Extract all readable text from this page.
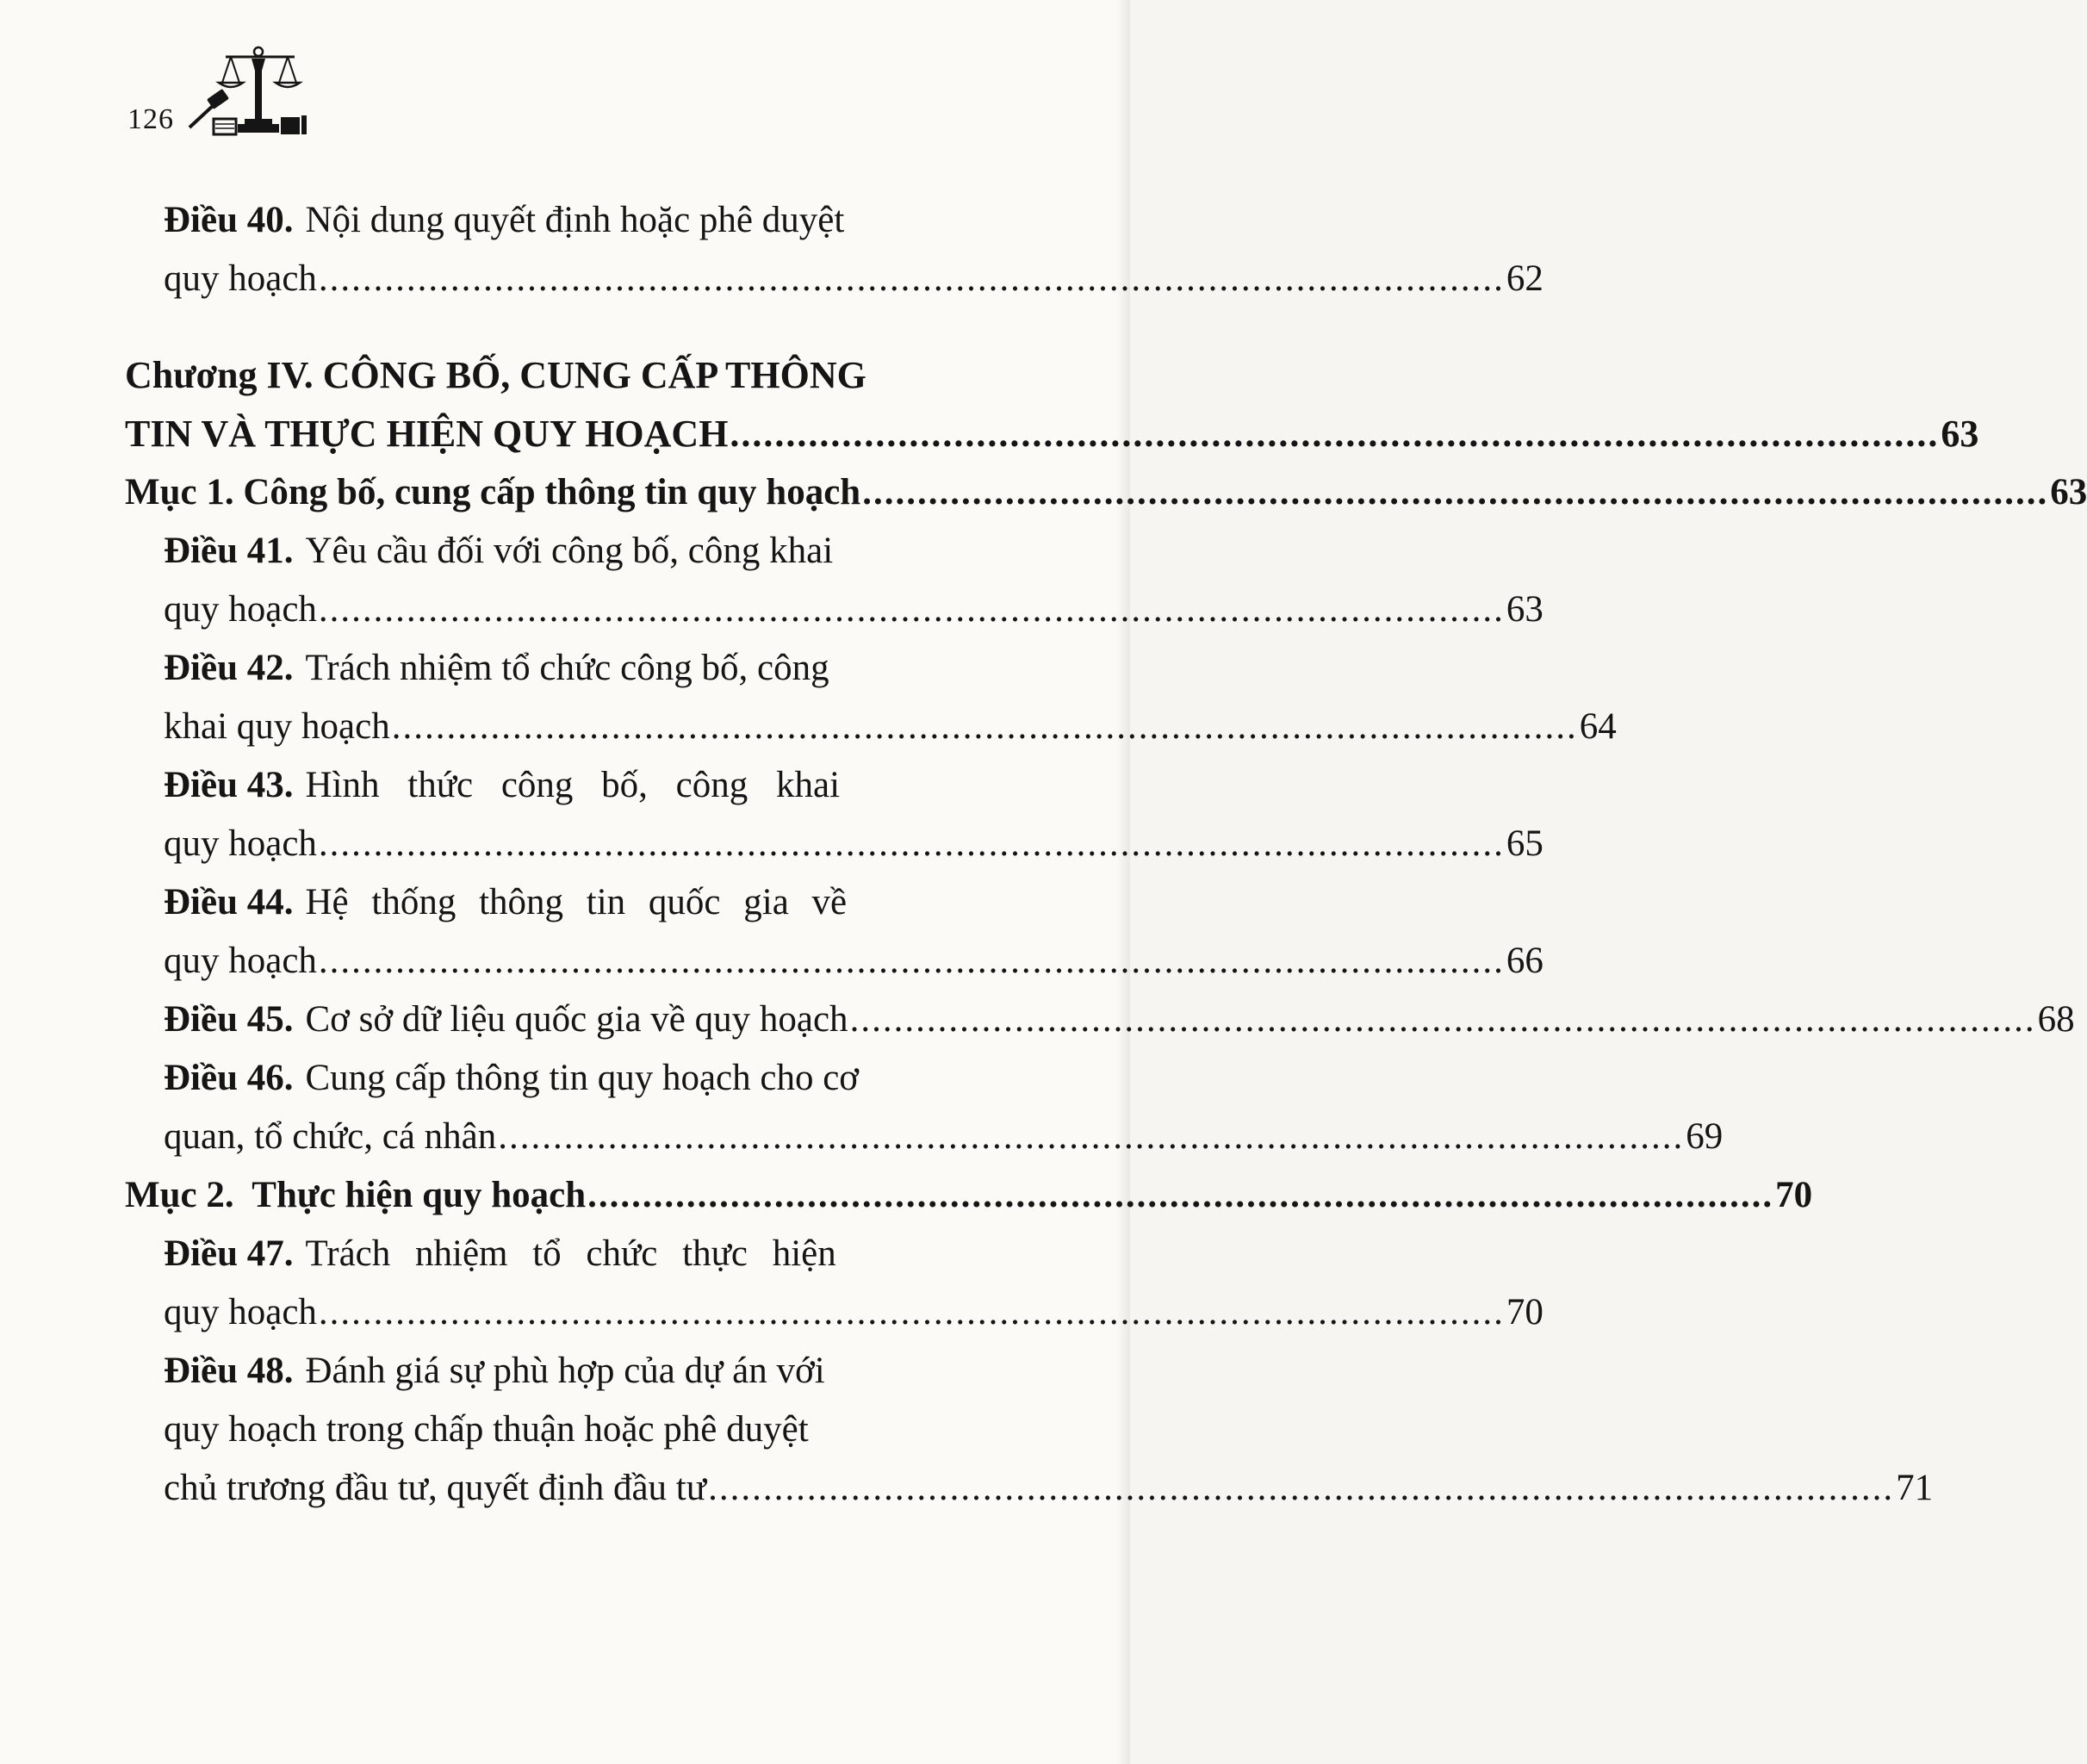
126
Điều 40. Nội dung quyết định hoặc phê duyệt
quy hoạch ............................................................................................................ 62
Chương IV. CÔNG BỐ, CUNG CẤP THÔNG
TIN VÀ THỰC HIỆN QUY HOẠCH ............................................................................................................ 63
Mục 1. Công bố, cung cấp thông tin quy hoạch ............................................................................................................ 63
Điều 41. Yêu cầu đối với công bố, công khai
quy hoạch ............................................................................................................ 63
Điều 42. Trách nhiệm tổ chức công bố, công
khai quy hoạch ............................................................................................................ 64
Điều 43. Hình thức công bố, công khai
quy hoạch ............................................................................................................ 65
Điều 44. Hệ thống thông tin quốc gia về
quy hoạch ............................................................................................................ 66
Điều 45. Cơ sở dữ liệu quốc gia về quy hoạch ............................................................................................................ 68
Điều 46. Cung cấp thông tin quy hoạch cho cơ
quan, tổ chức, cá nhân ............................................................................................................ 69
Mục 2.  Thực hiện quy hoạch ............................................................................................................ 70
Điều 47. Trách nhiệm tổ chức thực hiện
quy hoạch ............................................................................................................ 70
Điều 48. Đánh giá sự phù hợp của dự án với
quy hoạch trong chấp thuận hoặc phê duyệt
chủ trương đầu tư, quyết định đầu tư ............................................................................................................ 71
